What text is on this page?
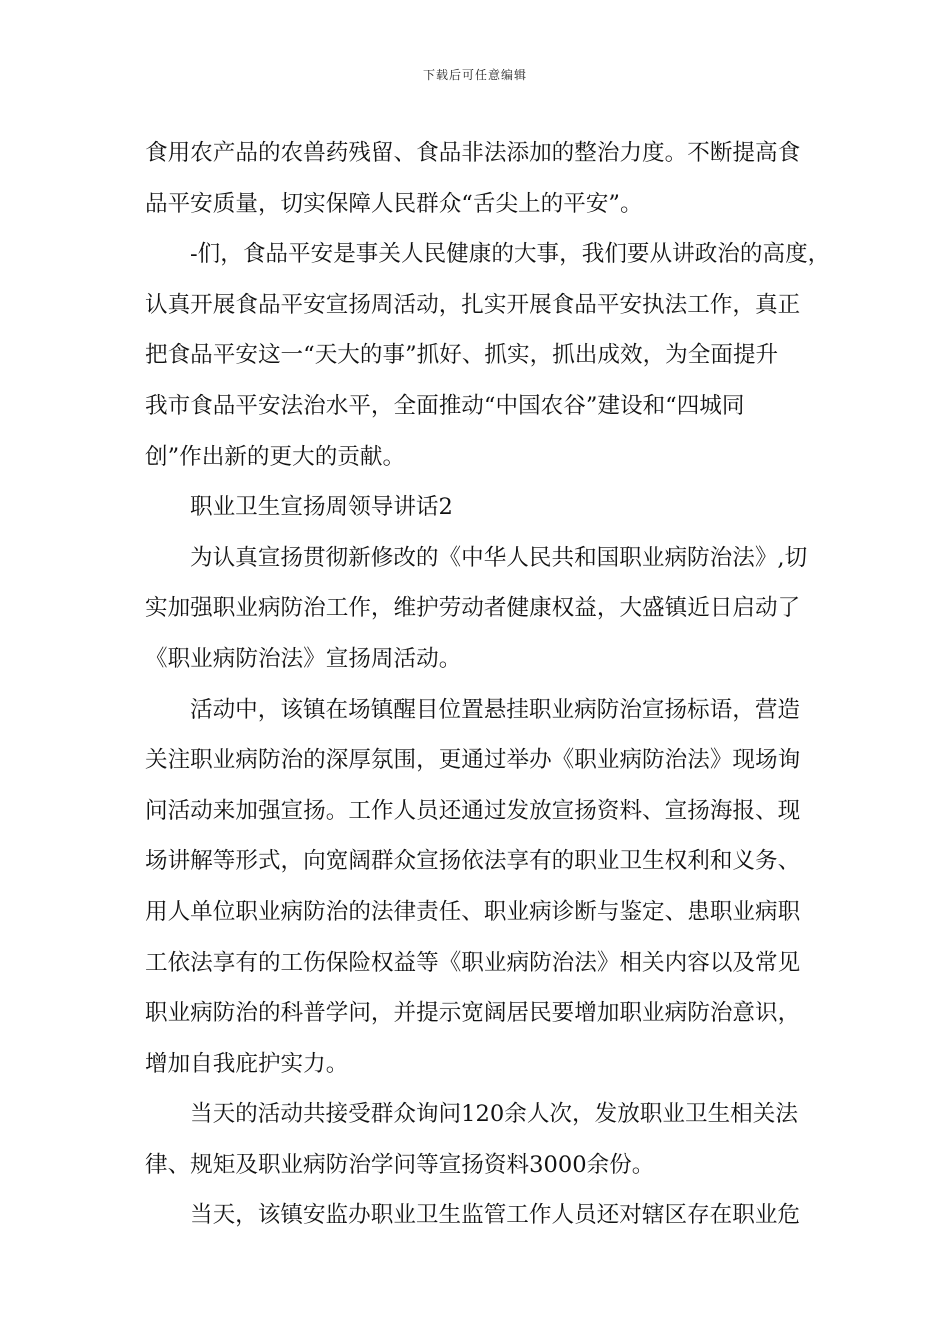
下载后可任意编辑
食用农产品的农兽药残留、食品非法添加的整治力度。不断提高食
品平安质量，切实保障人民群众“舌尖上的平安”。
-们，食品平安是事关人民健康的大事，我们要从讲政治的高度，
认真开展食品平安宣扬周活动，扎实开展食品平安执法工作，真正
把食品平安这一“天大的事”抓好、抓实，抓出成效，为全面提升
我市食品平安法治水平，全面推动“中国农谷”建设和“四城同
创”作出新的更大的贡献。
职业卫生宣扬周领导讲话2
为认真宣扬贯彻新修改的《中华人民共和国职业病防治法》,切
实加强职业病防治工作，维护劳动者健康权益，大盛镇近日启动了
《职业病防治法》宣扬周活动。
活动中，该镇在场镇醒目位置悬挂职业病防治宣扬标语，营造
关注职业病防治的深厚氛围，更通过举办《职业病防治法》现场询
问活动来加强宣扬。工作人员还通过发放宣扬资料、宣扬海报、现
场讲解等形式，向宽阔群众宣扬依法享有的职业卫生权利和义务、
用人单位职业病防治的法律责任、职业病诊断与鉴定、患职业病职
工依法享有的工伤保险权益等《职业病防治法》相关内容以及常见
职业病防治的科普学问，并提示宽阔居民要增加职业病防治意识，
增加自我庇护实力。
当天的活动共接受群众询问120余人次，发放职业卫生相关法
律、规矩及职业病防治学问等宣扬资料3000余份。
当天，该镇安监办职业卫生监管工作人员还对辖区存在职业危
